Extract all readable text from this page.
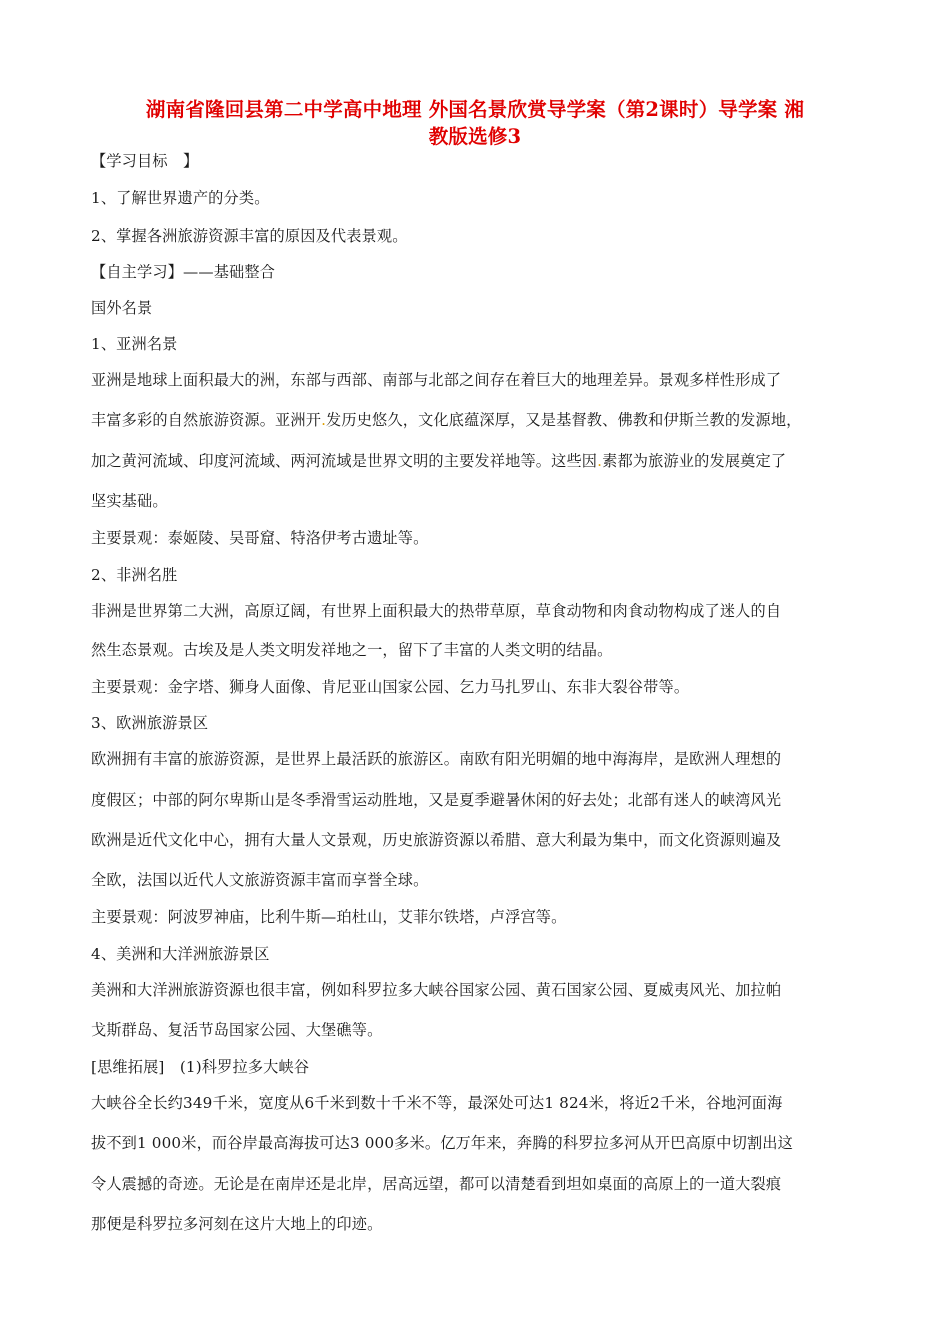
湖南省隆回县第二中学高中地理 外国名景欣赏导学案（第2课时）导学案 湘
教版选修3
【学习目标　】
1、了解世界遗产的分类。
2、掌握各洲旅游资源丰富的原因及代表景观。
【自主学习】——基础整合
国外名景
1、亚洲名景
亚洲是地球上面积最大的洲，东部与西部、南部与北部之间存在着巨大的地理差异。景观多样性形成了
丰富多彩的自然旅游资源。亚洲开.发历史悠久，文化底蕴深厚，又是基督教、佛教和伊斯兰教的发源地，
加之黄河流域、印度河流域、两河流域是世界文明的主要发祥地等。这些因.素都为旅游业的发展奠定了
坚实基础。
主要景观：泰姬陵、吴哥窟、特洛伊考古遗址等。
2、非洲名胜
非洲是世界第二大洲，高原辽阔，有世界上面积最大的热带草原，草食动物和肉食动物构成了迷人的自
然生态景观。古埃及是人类文明发祥地之一，留下了丰富的人类文明的结晶。
主要景观：金字塔、狮身人面像、肯尼亚山国家公园、乞力马扎罗山、东非大裂谷带等。
3、欧洲旅游景区
欧洲拥有丰富的旅游资源，是世界上最活跃的旅游区。南欧有阳光明媚的地中海海岸，是欧洲人理想的
度假区；中部的阿尔卑斯山是冬季滑雪运动胜地，又是夏季避暑休闲的好去处；北部有迷人的峡湾风光
欧洲是近代文化中心，拥有大量人文景观，历史旅游资源以希腊、意大利最为集中，而文化资源则遍及
全欧，法国以近代人文旅游资源丰富而享誉全球。
主要景观：阿波罗神庙，比利牛斯—珀杜山，艾菲尔铁塔，卢浮宫等。
4、美洲和大洋洲旅游景区
美洲和大洋洲旅游资源也很丰富，例如科罗拉多大峡谷国家公园、黄石国家公园、夏威夷风光、加拉帕
戈斯群岛、复活节岛国家公园、大堡礁等。
[思维拓展]　(1)科罗拉多大峡谷
大峡谷全长约349千米，宽度从6千米到数十千米不等，最深处可达1 824米，将近2千米，谷地河面海
拔不到1 000米，而谷岸最高海拔可达3 000多米。亿万年来，奔腾的科罗拉多河从开巴高原中切割出这
令人震撼的奇迹。无论是在南岸还是北岸，居高远望，都可以清楚看到坦如桌面的高原上的一道大裂痕
那便是科罗拉多河刻在这片大地上的印迹。
